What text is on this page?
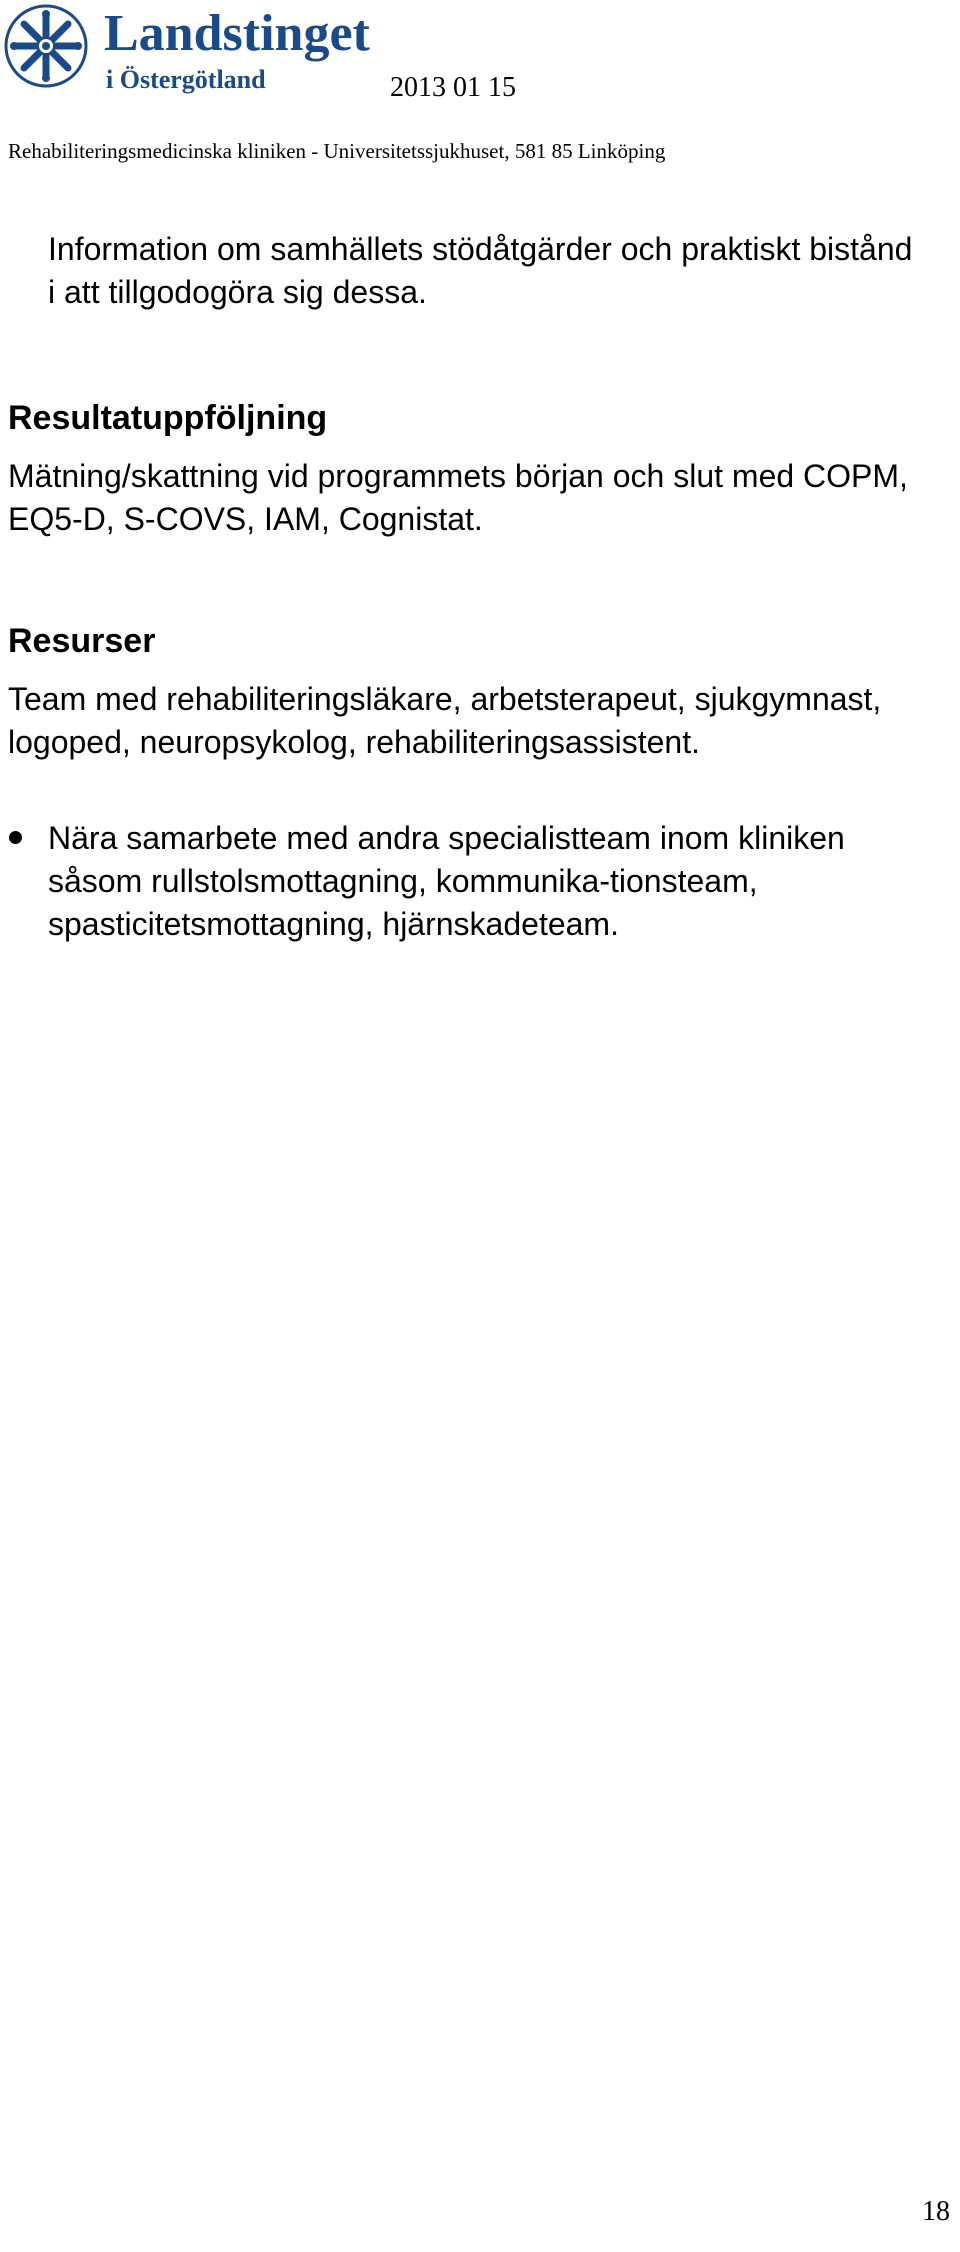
Landstinget
i Östergötland	2013 01 15
Rehabiliteringsmedicinska kliniken - Universitetssjukhuset, 581 85 Linköping

Information om samhällets stödåtgärder och praktiskt bistånd i att tillgodogöra sig dessa.

Resultatuppföljning

Mätning/skattning vid programmets början och slut med COPM, EQ5-D, S-COVS, IAM, Cognistat.

Resurser

Team med rehabiliteringsläkare, arbetsterapeut, sjukgymnast, logoped, neuropsykolog, rehabiliteringsassistent.

Nära samarbete med andra specialistteam inom kliniken såsom rullstolsmottagning, kommunika-tionsteam, spasticitetsmottagning, hjärnskadeteam.
18
